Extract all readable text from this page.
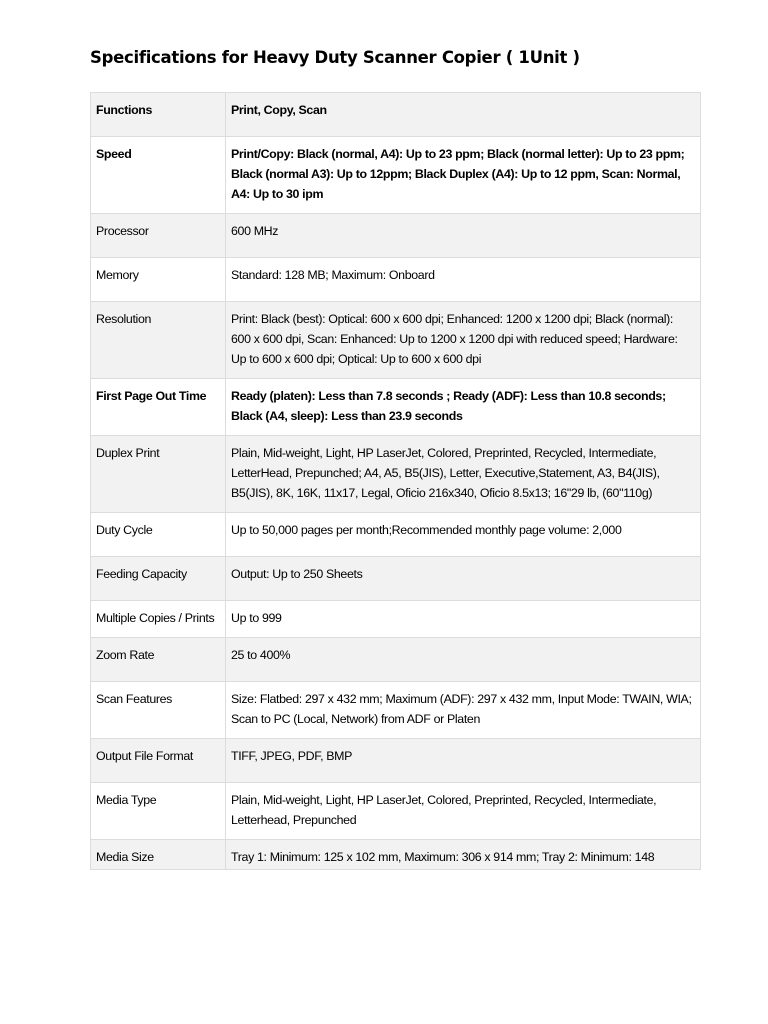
Specifications for Heavy Duty Scanner Copier ( 1Unit )
Functions	Print, Copy, Scan
Speed	Print/Copy: Black (normal, A4): Up to 23 ppm; Black (normal letter): Up to 23 ppm; Black (normal A3): Up to 12ppm; Black Duplex (A4): Up to 12 ppm, Scan: Normal, A4: Up to 30 ipm
Processor	600 MHz
Memory	Standard: 128 MB; Maximum: Onboard
Resolution	Print: Black (best): Optical: 600 x 600 dpi; Enhanced: 1200 x 1200 dpi; Black (normal): 600 x 600 dpi, Scan: Enhanced: Up to 1200 x 1200 dpi with reduced speed; Hardware: Up to 600 x 600 dpi; Optical: Up to 600 x 600 dpi
First Page Out Time	Ready (platen): Less than 7.8 seconds ; Ready (ADF): Less than 10.8 seconds; Black (A4, sleep): Less than 23.9 seconds
Duplex Print	Plain, Mid-weight, Light, HP LaserJet, Colored, Preprinted, Recycled, Intermediate, LetterHead, Prepunched; A4, A5, B5(JIS), Letter, Executive,Statement, A3, B4(JIS), B5(JIS), 8K, 16K, 11x17, Legal, Oficio 216x340, Oficio 8.5x13; 16"29 lb, (60"110g)
Duty Cycle	Up to 50,000 pages per month;Recommended monthly page volume: 2,000
Feeding Capacity	Output: Up to 250 Sheets
Multiple Copies / Prints	Up to 999
Zoom Rate	25 to 400%
Scan Features	Size: Flatbed: 297 x 432 mm; Maximum (ADF): 297 x 432 mm, Input Mode: TWAIN, WIA; Scan to PC (Local, Network) from ADF or Platen
Output File Format	TIFF, JPEG, PDF, BMP
Media Type	Plain, Mid-weight, Light, HP LaserJet, Colored, Preprinted, Recycled, Intermediate, Letterhead, Prepunched
Media Size	Tray 1: Minimum: 125 x 102 mm, Maximum: 306 x 914 mm; Tray 2: Minimum: 148
